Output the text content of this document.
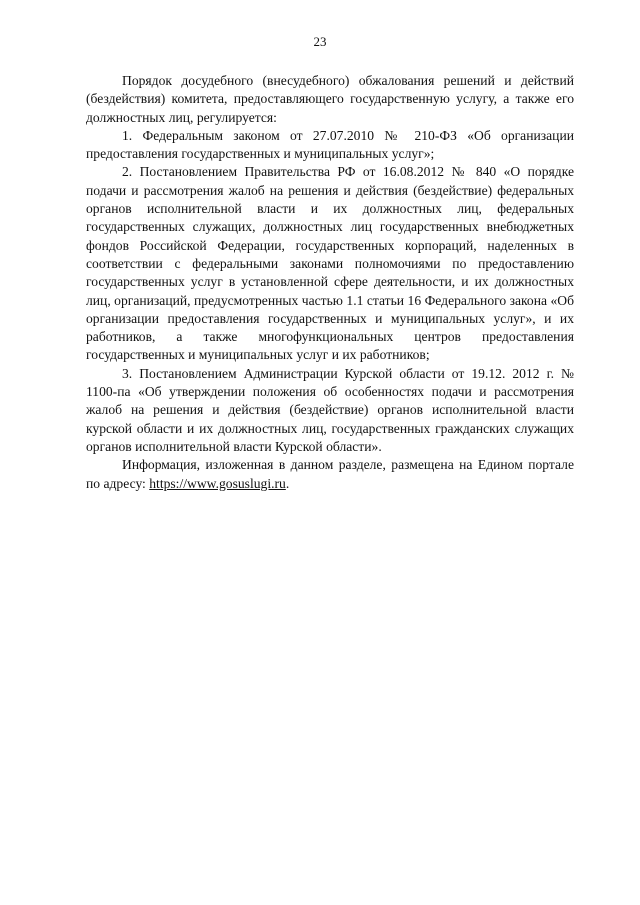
23

Порядок досудебного (внесудебного) обжалования решений и действий (бездействия) комитета, предоставляющего государственную услугу, а также его должностных лиц, регулируется:

1. Федеральным законом от 27.07.2010 № 210-ФЗ «Об организации предоставления государственных и муниципальных услуг»;

2. Постановлением Правительства РФ от 16.08.2012 № 840 «О порядке подачи и рассмотрения жалоб на решения и действия (бездействие) федеральных органов исполнительной власти и их должностных лиц, федеральных государственных служащих, должностных лиц государственных внебюджетных фондов Российской Федерации, государственных корпораций, наделенных в соответствии с федеральными законами полномочиями по предоставлению государственных услуг в установленной сфере деятельности, и их должностных лиц, организаций, предусмотренных частью 1.1 статьи 16 Федерального закона «Об организации предоставления государственных и муниципальных услуг», и их работников, а также многофункциональных центров предоставления государственных и муниципальных услуг и их работников;

3. Постановлением Администрации Курской области от 19.12. 2012 г. № 1100-па «Об утверждении положения об особенностях подачи и рассмотрения жалоб на решения и действия (бездействие) органов исполнительной власти курской области и их должностных лиц, государственных гражданских служащих органов исполнительной власти Курской области».

Информация, изложенная в данном разделе, размещена на Едином портале по адресу: https://www.gosuslugi.ru.
